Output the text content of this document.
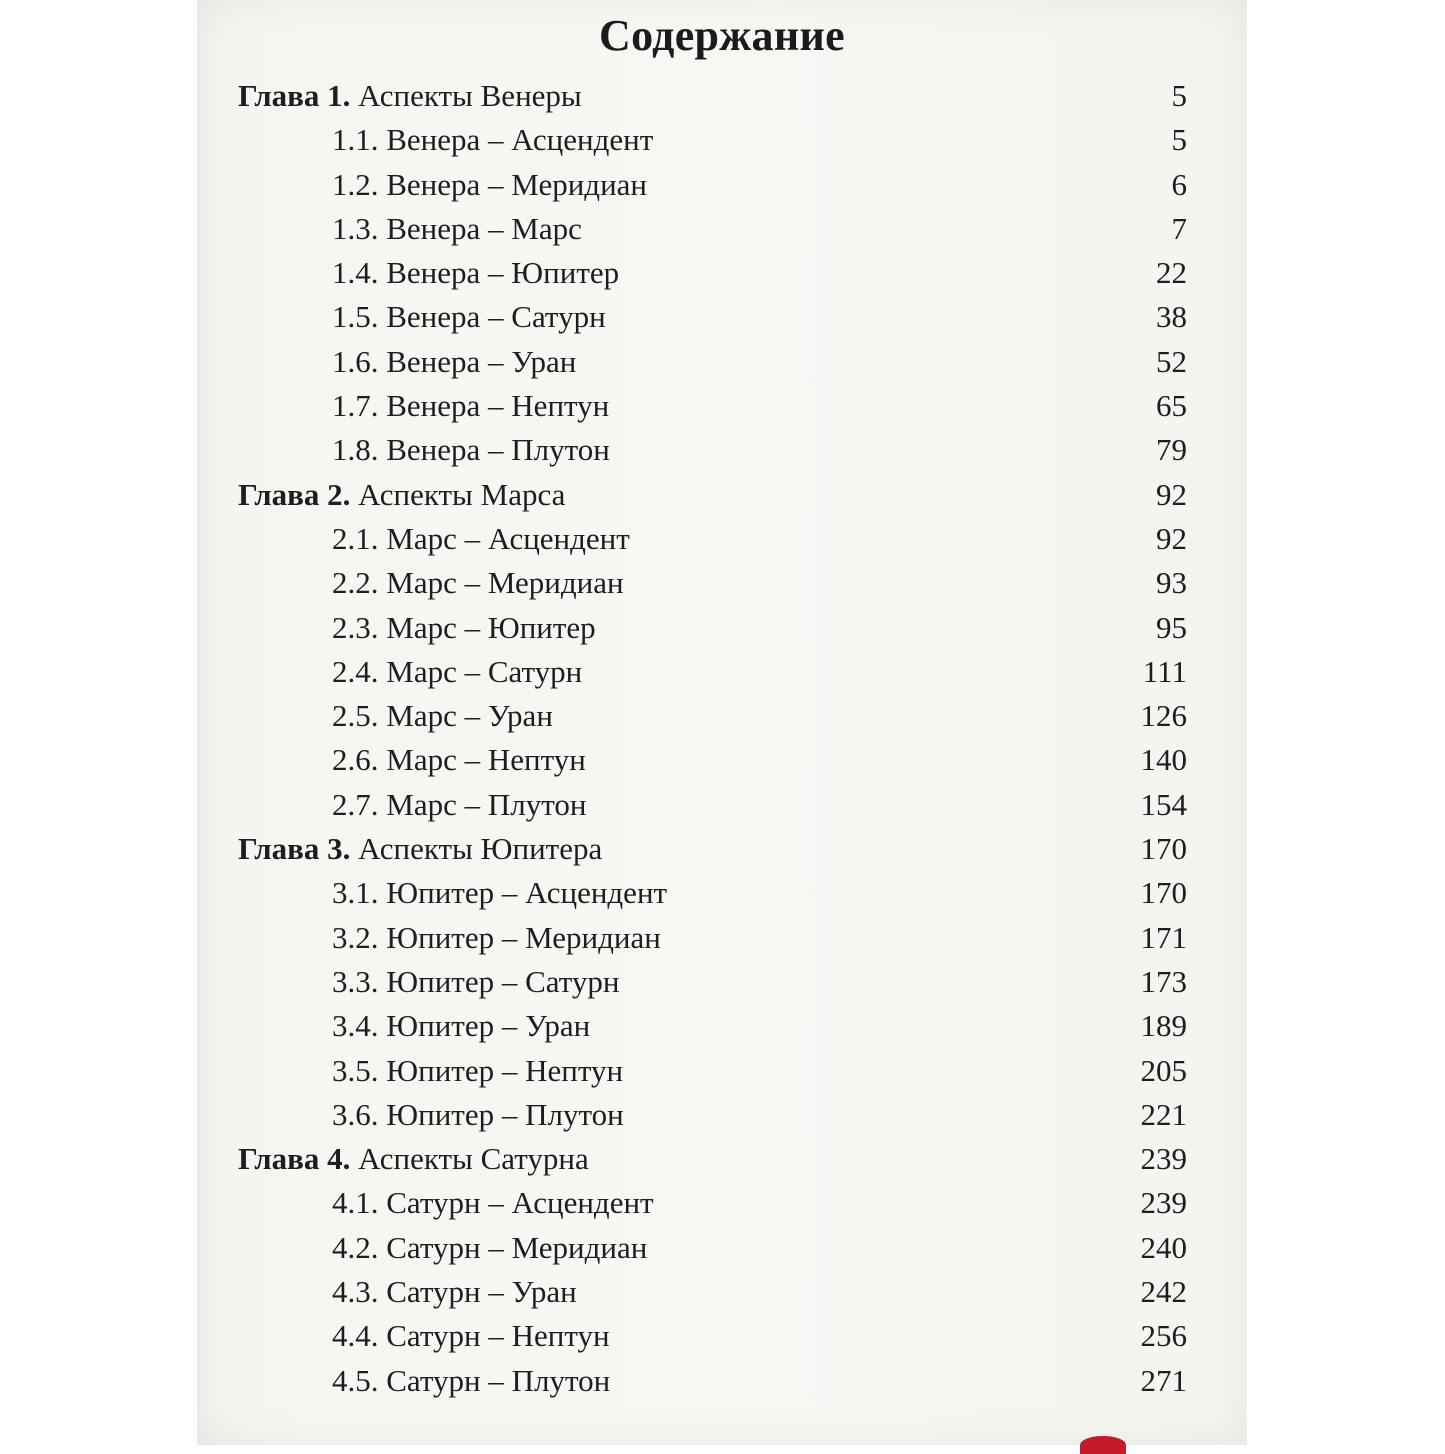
Содержание
Глава 1. Аспекты Венеры	5
1.1. Венера – Асцендент	5
1.2. Венера – Меридиан	6
1.3. Венера – Марс	7
1.4. Венера – Юпитер	22
1.5. Венера – Сатурн	38
1.6. Венера – Уран	52
1.7. Венера – Нептун	65
1.8. Венера – Плутон	79
Глава 2. Аспекты Марса	92
2.1. Марс – Асцендент	92
2.2. Марс – Меридиан	93
2.3. Марс – Юпитер	95
2.4. Марс – Сатурн	111
2.5. Марс – Уран	126
2.6. Марс – Нептун	140
2.7. Марс – Плутон	154
Глава 3. Аспекты Юпитера	170
3.1. Юпитер – Асцендент	170
3.2. Юпитер – Меридиан	171
3.3. Юпитер – Сатурн	173
3.4. Юпитер – Уран	189
3.5. Юпитер – Нептун	205
3.6. Юпитер – Плутон	221
Глава 4. Аспекты Сатурна	239
4.1. Сатурн – Асцендент	239
4.2. Сатурн – Меридиан	240
4.3. Сатурн – Уран	242
4.4. Сатурн – Нептун	256
4.5. Сатурн – Плутон	271
